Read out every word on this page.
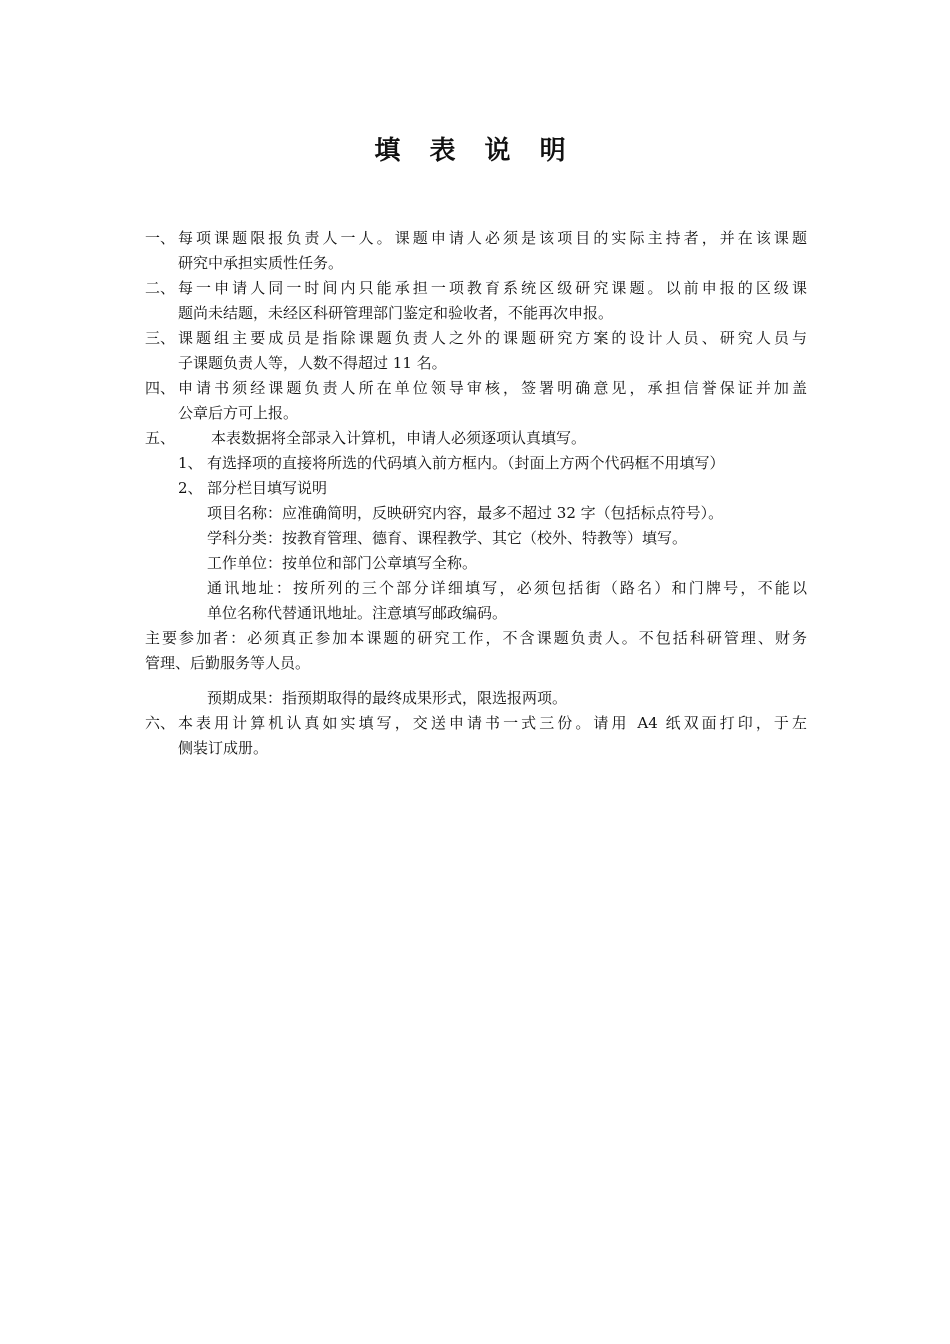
填 表 说 明
一、 每项课题限报负责人一人。课题申请人必须是该项目的实际主持者，并在该课题
研究中承担实质性任务。
二、 每一申请人同一时间内只能承担一项教育系统区级研究课题。以前申报的区级课
题尚未结题，未经区科研管理部门鉴定和验收者，不能再次申报。
三、 课题组主要成员是指除课题负责人之外的课题研究方案的设计人员、研究人员与
子课题负责人等，人数不得超过 11 名。
四、 申请书须经课题负责人所在单位领导审核，签署明确意见，承担信誉保证并加盖
公章后方可上报。
五、	本表数据将全部录入计算机，申请人必须逐项认真填写。
1、 有选择项的直接将所选的代码填入前方框内。（封面上方两个代码框不用填写）
2、 部分栏目填写说明
项目名称：应准确简明，反映研究内容，最多不超过 32 字（包括标点符号）。
学科分类：按教育管理、德育、课程教学、其它（校外、特教等）填写。
工作单位：按单位和部门公章填写全称。
通讯地址：按所列的三个部分详细填写，必须包括街（路名）和门牌号，不能以
单位名称代替通讯地址。注意填写邮政编码。
主要参加者：必须真正参加本课题的研究工作，不含课题负责人。不包括科研管理、财务
管理、后勤服务等人员。
预期成果：指预期取得的最终成果形式，限选报两项。
六、 本表用计算机认真如实填写，交送申请书一式三份。请用 A4 纸双面打印，于左
侧装订成册。
